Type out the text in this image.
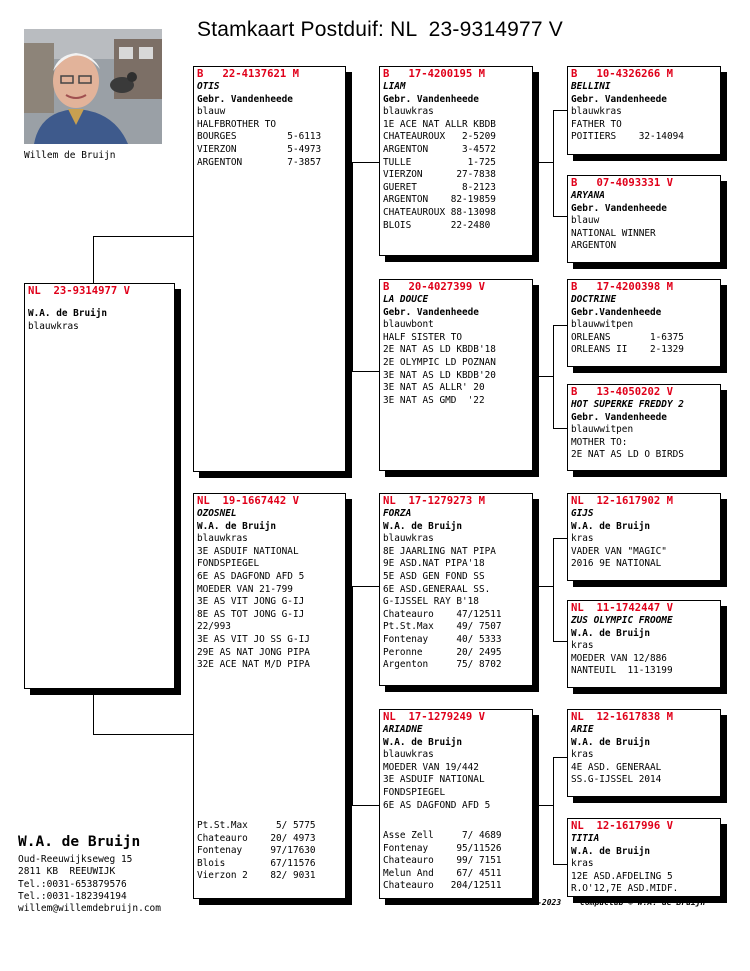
Stamkaart Postduif: NL  23-9314977 V
Willem de Bruijn
NL  23-9314977 V
W.A. de Bruijn
blauwkras
B   22-4137621 M
OTIS
Gebr. Vandenheede
blauw
HALFBROTHER TO
BOURGES         5-6113
VIERZON         5-4973
ARGENTON        7-3857
NL  19-1667442 V
OZOSNEL
W.A. de Bruijn
blauwkras
3E ASDUIF NATIONAL
FONDSPIEGEL
6E AS DAGFOND AFD 5
MOEDER VAN 21-799
3E AS VIT JONG G-IJ
8E AS TOT JONG G-IJ
22/993
3E AS VIT JO SS G-IJ
29E AS NAT JONG PIPA
32E ACE NAT M/D PIPA
Pt.St.Max     5/ 5775
Chateauro    20/ 4973
Fontenay     97/17630
Blois        67/11576
Vierzon 2    82/ 9031
B   17-4200195 M
LIAM
Gebr. Vandenheede
blauwkras
1E ACE NAT ALLR KBDB
CHATEAUROUX   2-5209
ARGENTON      3-4572
TULLE          1-725
VIERZON      27-7838
GUERET        8-2123
ARGENTON    82-19859
CHATEAUROUX 88-13098
BLOIS       22-2480
B   20-4027399 V
LA DOUCE
Gebr. Vandenheede
blauwbont
HALF SISTER TO
2E NAT AS LD KBDB'18
2E OLYMPIC LD POZNAN
3E NAT AS LD KBDB'20
3E NAT AS ALLR' 20
3E NAT AS GMD  '22
NL  17-1279273 M
FORZA
W.A. de Bruijn
blauwkras
8E JAARLING NAT PIPA
9E ASD.NAT PIPA'18
5E ASD GEN FOND SS
6E ASD.GENERAAL SS.
G-IJSSEL RAY B'18
Chateauro    47/12511
Pt.St.Max    49/ 7507
Fontenay     40/ 5333
Peronne      20/ 2495
Argenton     75/ 8702
NL  17-1279249 V
ARIADNE
W.A. de Bruijn
blauwkras
MOEDER VAN 19/442
3E ASDUIF NATIONAL
FONDSPIEGEL
6E AS DAGFOND AFD 5
Asse Zell     7/ 4689
Fontenay     95/11526
Chateauro    99/ 7151
Melun And    67/ 4511
Chateauro   204/12511
B   10-4326266 M
BELLINI
Gebr. Vandenheede
blauwkras
FATHER TO
POITIERS    32-14094
B   07-4093331 V
ARYANA
Gebr. Vandenheede
blauw
NATIONAL WINNER
ARGENTON
B   17-4200398 M
DOCTRINE
Gebr.Vandenheede
blauwwitpen
ORLEANS       1-6375
ORLEANS II    2-1329
B   13-4050202 V
HOT SUPERKE FREDDY 2
Gebr. Vandenheede
blauwwitpen
MOTHER TO:
2E NAT AS LD O BIRDS
NL  12-1617902 M
GIJS
W.A. de Bruijn
kras
VADER VAN "MAGIC"
2016 9E NATIONAL
NL  11-1742447 V
ZUS OLYMPIC FROOME
W.A. de Bruijn
kras
MOEDER VAN 12/886
NANTEUIL  11-13199
NL  12-1617838 M
ARIE
W.A. de Bruijn
kras
4E ASD. GENERAAL
SS.G-IJSSEL 2014
NL  12-1617996 V
TITIA
W.A. de Bruijn
kras
12E ASD.AFDELING 5
R.O'12,7E ASD.MIDF.
W.A. de Bruijn
Oud-Reeuwijkseweg 15
2811 KB  REEUWIJK
Tel.:0031-653879576
Tel.:0031-182394194
willem@willemdebruijn.com
29-10-2023 Compuclub © W.A. de Bruijn
